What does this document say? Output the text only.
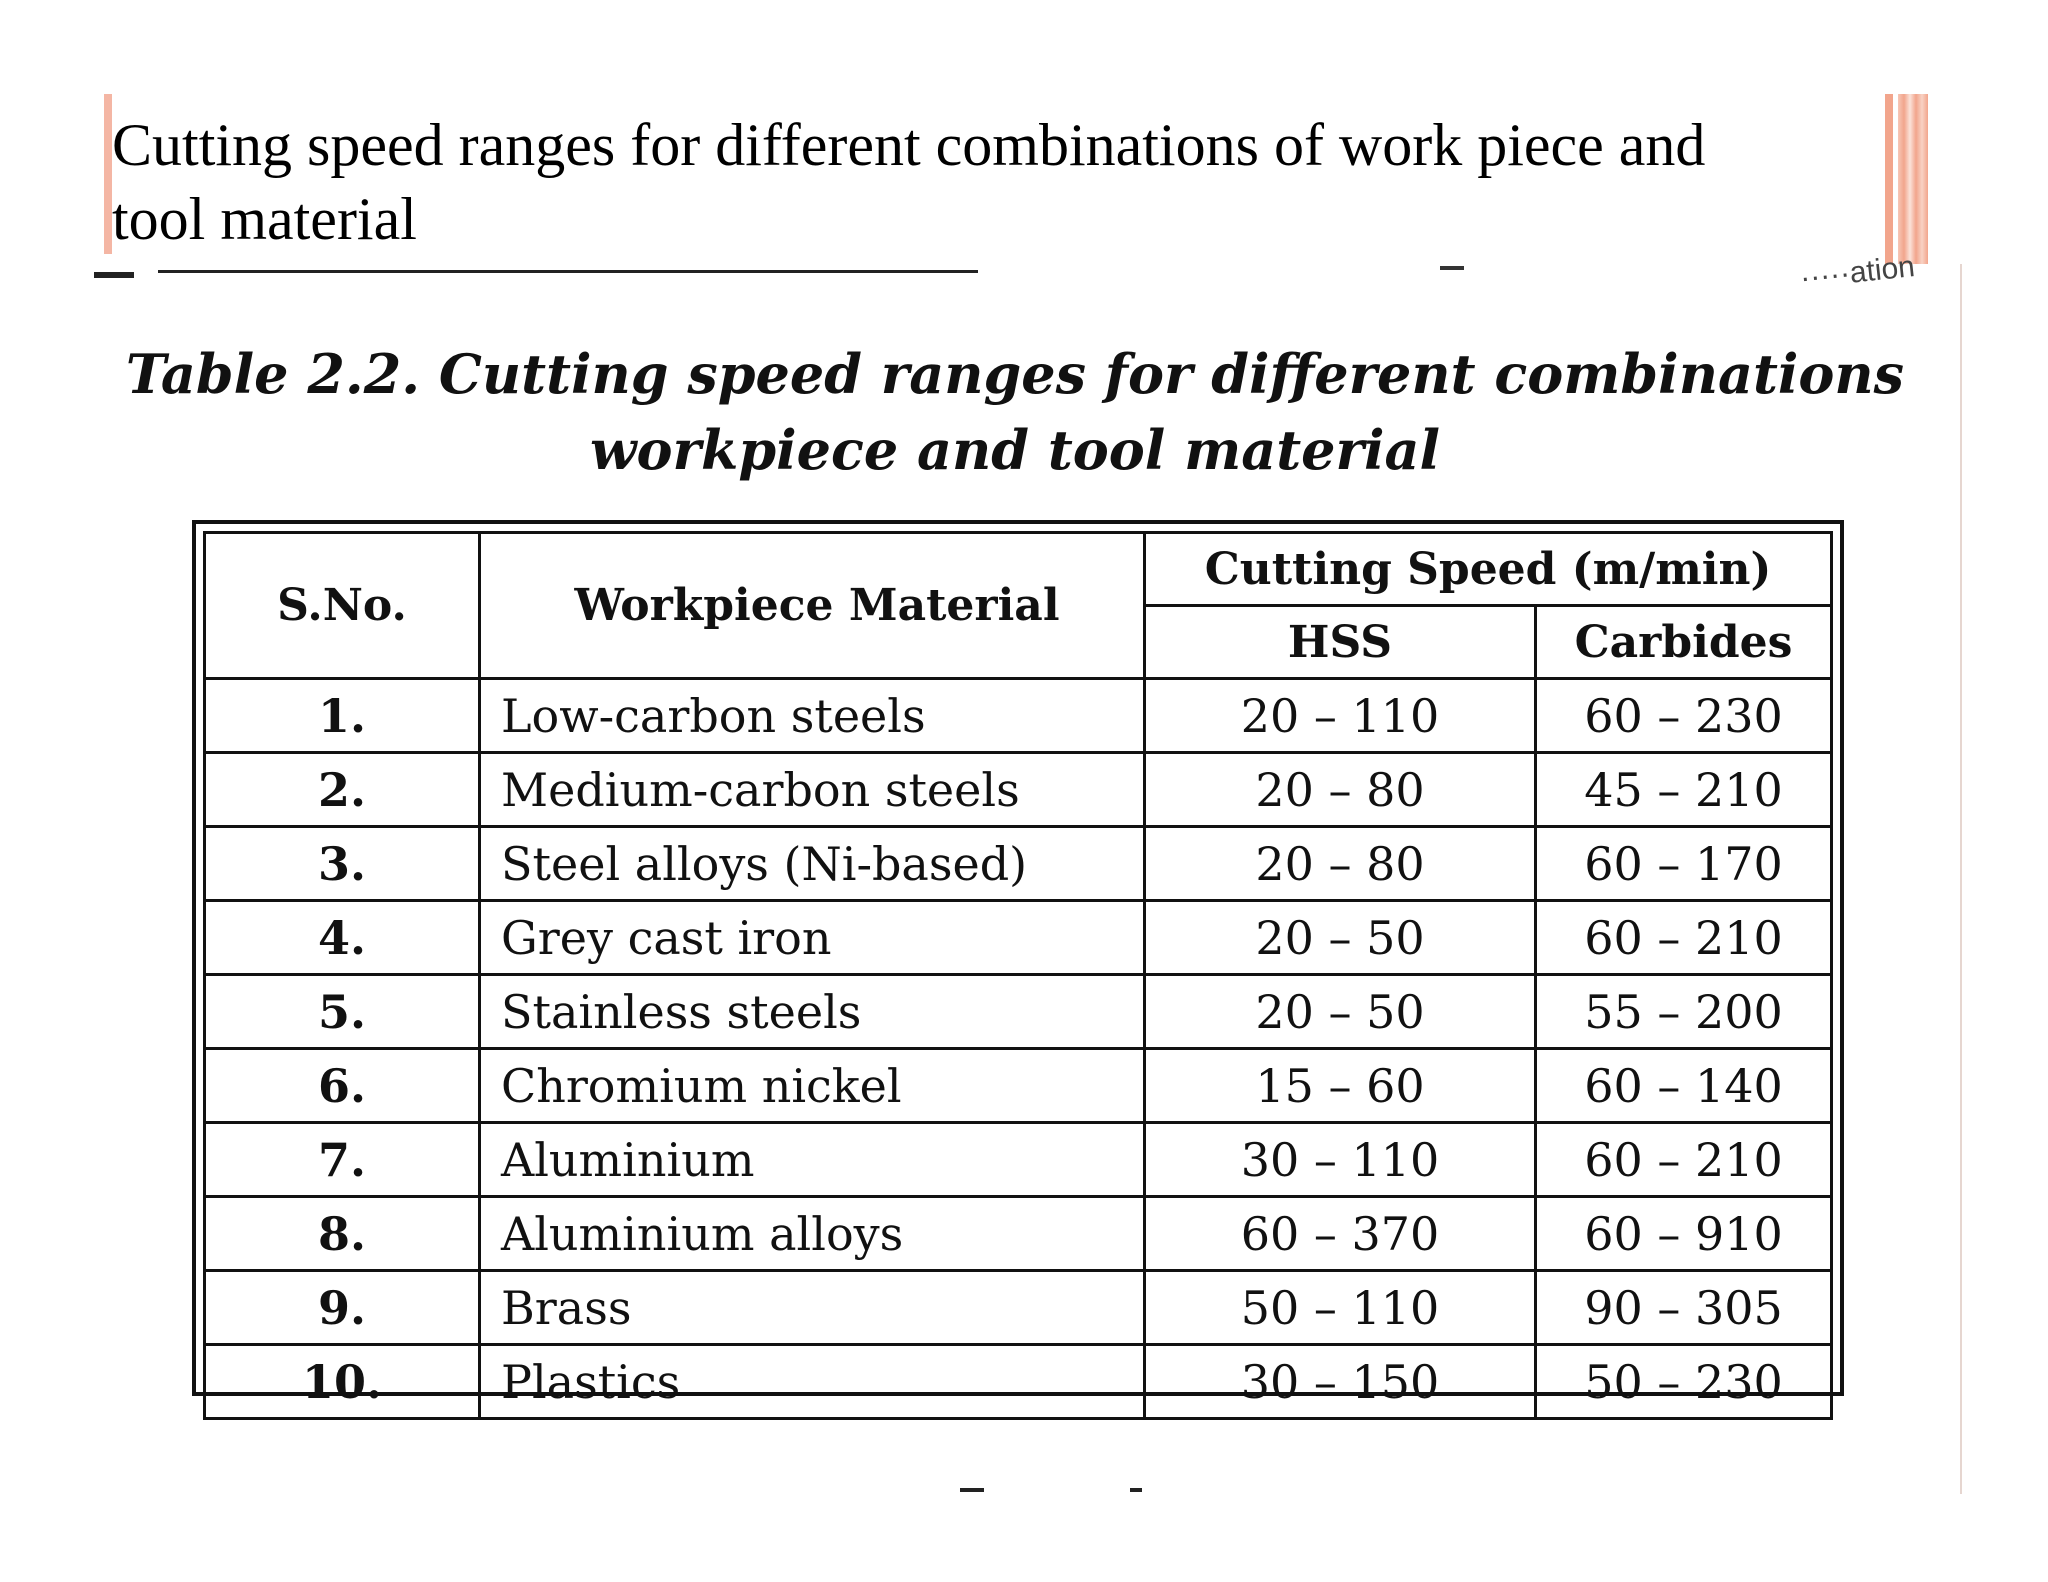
Cutting speed ranges for different combinations of work piece and tool material
·····ation
Table 2.2. Cutting speed ranges for different combinations
workpiece and tool material
S.No.	Workpiece Material	Cutting Speed (m/min)	
		HSS	Carbides
1.	Low-carbon steels	20 – 110	60 – 230
2.	Medium-carbon steels	20 – 80	45 – 210
3.	Steel alloys (Ni-based)	20 – 80	60 – 170
4.	Grey cast iron	20 – 50	60 – 210
5.	Stainless steels	20 – 50	55 – 200
6.	Chromium nickel	15 – 60	60 – 140
7.	Aluminium	30 – 110	60 – 210
8.	Aluminium alloys	60 – 370	60 – 910
9.	Brass	50 – 110	90 – 305
10.	Plastics	30 – 150	50 – 230
